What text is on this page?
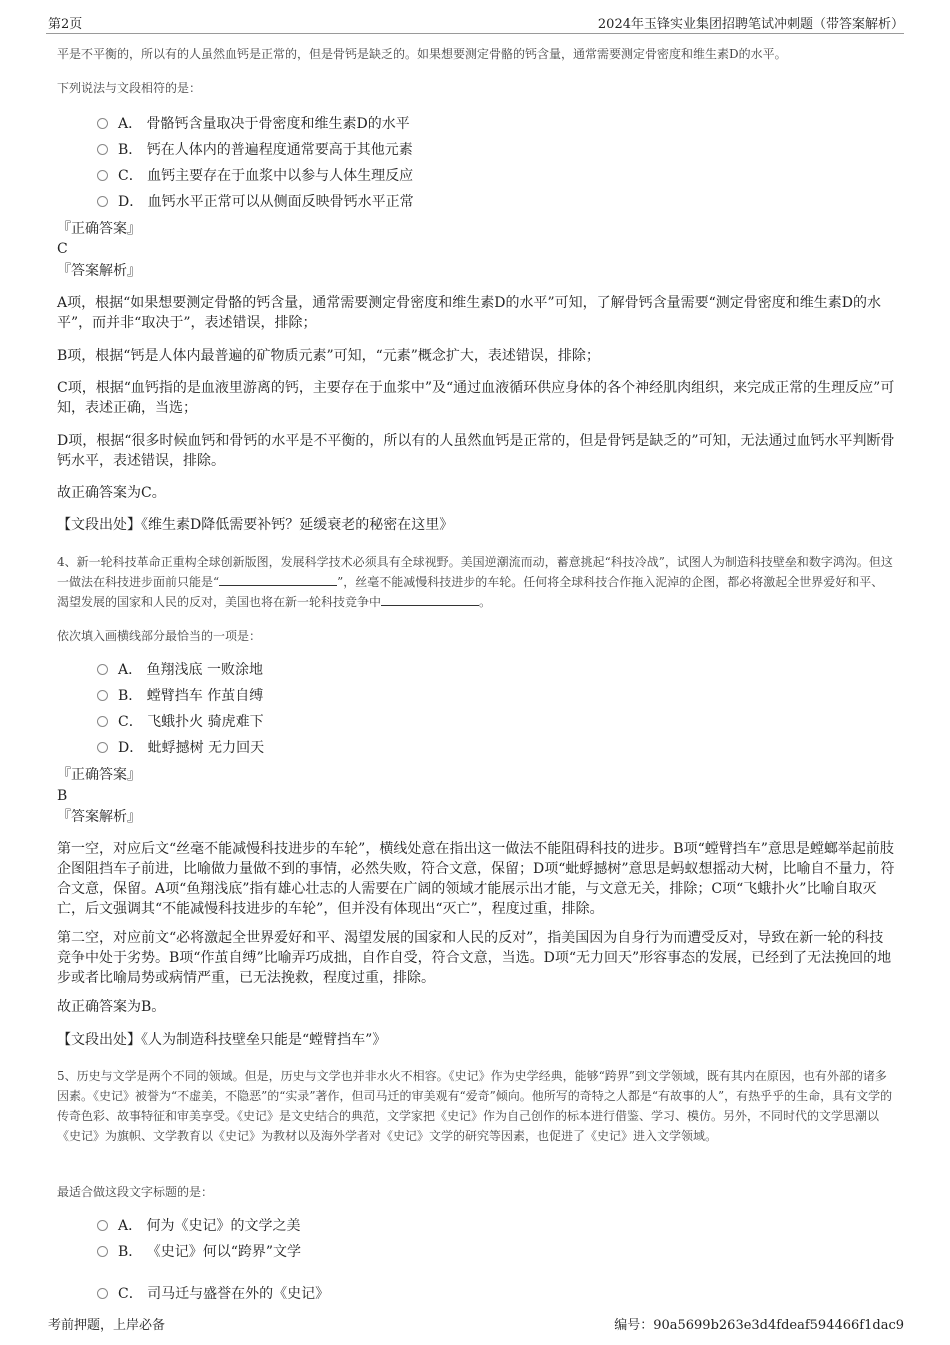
第2页	2024年玉锋实业集团招聘笔试冲刺题（带答案解析）
平是不平衡的，所以有的人虽然血钙是正常的，但是骨钙是缺乏的。如果想要测定骨骼的钙含量，通常需要测定骨密度和维生素D的水平。
下列说法与文段相符的是：
A． 骨骼钙含量取决于骨密度和维生素D的水平
B． 钙在人体内的普遍程度通常要高于其他元素
C． 血钙主要存在于血浆中以参与人体生理反应
D． 血钙水平正常可以从侧面反映骨钙水平正常
『正确答案』
C
『答案解析』
A项，根据“如果想要测定骨骼的钙含量，通常需要测定骨密度和维生素D的水平”可知，了解骨钙含量需要“测定骨密度和维生素D的水平”，而并非“取决于”，表述错误，排除；
B项，根据“钙是人体内最普遍的矿物质元素”可知，“元素”概念扩大，表述错误，排除；
C项，根据“血钙指的是血液里游离的钙，主要存在于血浆中”及“通过血液循环供应身体的各个神经肌肉组织，来完成正常的生理反应”可知，表述正确，当选；
D项，根据“很多时候血钙和骨钙的水平是不平衡的，所以有的人虽然血钙是正常的，但是骨钙是缺乏的”可知，无法通过血钙水平判断骨钙水平，表述错误，排除。
故正确答案为C。
【文段出处】《维生素D降低需要补钙？延缓衰老的秘密在这里》
4、新一轮科技革命正重构全球创新版图，发展科学技术必须具有全球视野。美国逆潮流而动，蓄意挑起“科技冷战”，试图人为制造科技壁垒和数字鸿沟。但这一做法在科技进步面前只能是“	”，丝毫不能减慢科技进步的车轮。任何将全球科技合作拖入泥淖的企图，都必将激起全世界爱好和平、渴望发展的国家和人民的反对，美国也将在新一轮科技竞争中	。
依次填入画横线部分最恰当的一项是：
A． 鱼翔浅底 一败涂地
B． 螳臂挡车 作茧自缚
C． 飞蛾扑火 骑虎难下
D． 蚍蜉撼树 无力回天
『正确答案』
B
『答案解析』
第一空，对应后文“丝毫不能减慢科技进步的车轮”，横线处意在指出这一做法不能阻碍科技的进步。B项“螳臂挡车”意思是螳螂举起前肢企图阻挡车子前进，比喻做力量做不到的事情，必然失败，符合文意，保留；D项“蚍蜉撼树”意思是蚂蚁想摇动大树，比喻自不量力，符合文意，保留。A项“鱼翔浅底”指有雄心壮志的人需要在广阔的领域才能展示出才能，与文意无关，排除；C项“飞蛾扑火”比喻自取灭亡，后文强调其“不能减慢科技进步的车轮”，但并没有体现出“灭亡”，程度过重，排除。
第二空，对应前文“必将激起全世界爱好和平、渴望发展的国家和人民的反对”，指美国因为自身行为而遭受反对，导致在新一轮的科技竞争中处于劣势。B项“作茧自缚”比喻弄巧成拙，自作自受，符合文意，当选。D项“无力回天”形容事态的发展，已经到了无法挽回的地步或者比喻局势或病情严重，已无法挽救，程度过重，排除。
故正确答案为B。
【文段出处】《人为制造科技壁垒只能是“螳臂挡车”》
5、历史与文学是两个不同的领域。但是，历史与文学也并非水火不相容。《史记》作为史学经典，能够“跨界”到文学领域，既有其内在原因，也有外部的诸多因素。《史记》被誉为“不虚美，不隐恶”的“实录”著作，但司马迁的审美观有“爱奇”倾向。他所写的奇特之人都是“有故事的人”，有热乎乎的生命，具有文学的传奇色彩、故事特征和审美享受。《史记》是文史结合的典范，文学家把《史记》作为自己创作的标本进行借鉴、学习、模仿。另外，不同时代的文学思潮以《史记》为旗帜、文学教育以《史记》为教材以及海外学者对《史记》文学的研究等因素，也促进了《史记》进入文学领域。
最适合做这段文字标题的是：
A． 何为《史记》的文学之美
B． 《史记》何以“跨界”文学
C． 司马迁与盛誉在外的《史记》
考前押题，上岸必备	编号：90a5699b263e3d4fdeaf594466f1dac9
